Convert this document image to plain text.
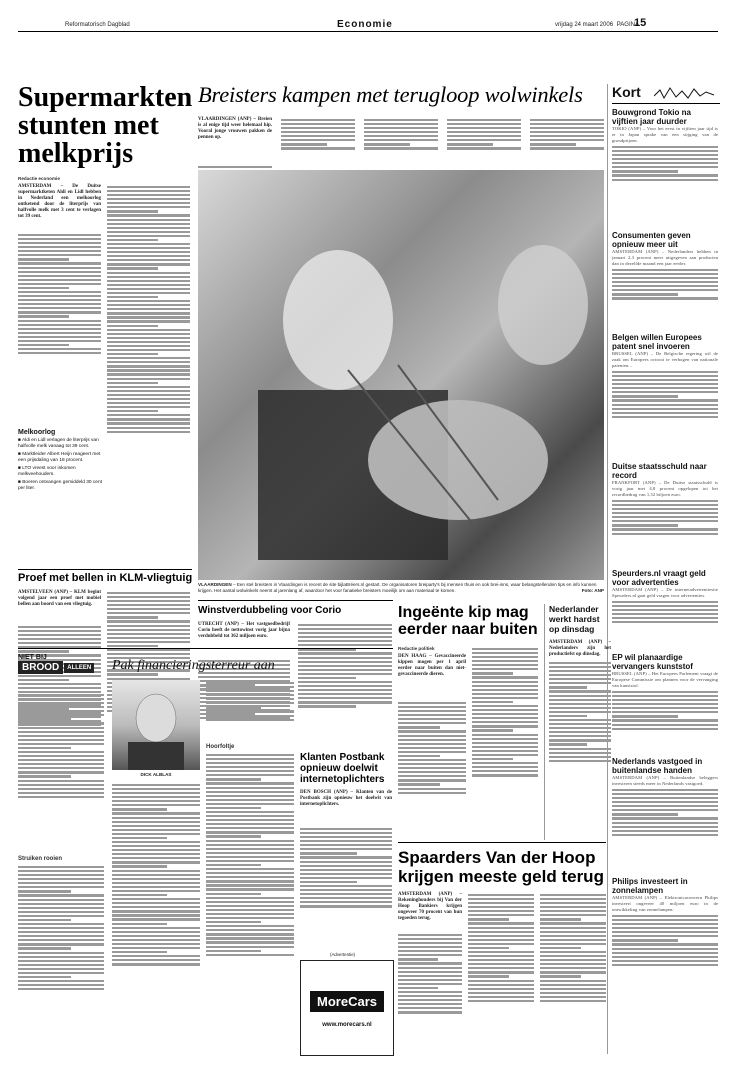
Reformatorisch Dagblad	Economie	vrijdag 24 maart 2006 PAGINA
15
Supermarkten stunten met melkprijs
Redactie economie
AMSTERDAM – De Duitse supermarktketen Aldi en Lidl hebben in Nederland een melkoorlog ontketend door de literprijs van halfvolle melk met 3 cent te verlagen tot 39 cent.
Melkoorlog
■ Aldi en Lidl verlagen de literprijs van halfvolle melk vanaag tot 39 cent.
■ Marktleider Albert Heijn reageert met een prijsdaling van 18 procent.
■ LTO vreest voor inkomen melkveehouders.
■ Boeren ontvangen gemiddeld 30 cent per liter.
Breisters kampen met terugloop wolwinkels
VLAARDINGEN (ANP) – Breien is al enige tijd weer helemaal hip. Vooral jonge vrouwen pakken de pennen op.
VLAARDINGEN – Een stel breisters in Vlaardingen is recent de site bijlaBréers.nl gestart. De organisatoren breiparty's bij mensen thuis en ook brei-inns, waar belangstellenden tips en info kunnen krijgen. Het aantal wolwinkels neemt al jarenlang af, waardoor het voor fanatieke breisters moeilijk om aan materiaal te komen.	Foto: ANP
Proef met bellen in KLM-vliegtuig
AMSTELVEEN (ANP) – KLM begint volgend jaar een proef met mobiel bellen aan boord van een vliegtuig.
Kort
Bouwgrond Tokio na vijftien jaar duurder
TOKIO (ANP) – Voor het eerst in vijftien jaar tijd is er in Japan sprake van een stijging van de grondprijzen.
Consumenten geven opnieuw meer uit
AMSTERDAM (ANP) – Nederlanders hebben in januari 2,3 procent meer uitgegeven aan producten dan in dezelfde maand een jaar eerder.
Belgen willen Europees patent snel invoeren
BRUSSEL (ANP) – De Belgische regering wil de zaak om Europees octrooi te verhogen van nationale patenten...
Duitse staatsschuld naar record
FRANKFORT (ANP) – De Duitse staatsschuld is vorig jaar met 4,8 procent opgelopen tot het recordbedrag van 1,52 biljoen euro.
Speurders.nl vraagt geld voor advertenties
AMSTERDAM (ANP) – De internetadvertentiesite Speurders.nl gaat geld vragen voor advertenties.
EP wil planaardige vervangers kunststof
BRUSSEL (ANP) – Het Europees Parlement vraagt de Europese Commissie om plannen voor de vervanging van kunststof.
Nederlands vastgoed in buitenlandse handen
AMSTERDAM (ANP) – Buitenlandse beleggers investeren steeds meer in Nederlands vastgoed.
Philips investeert in zonnelampen
AMSTERDAM (ANP) – Elektronicaconcern Philips investeert ongeveer 40 miljoen euro in de ontwikkeling van zonnelampen.
Winstverdubbeling voor Corio
UTRECHT (ANP) – Het vastgoedbedrijf Corio heeft de nettowinst vorig jaar bijna verdubbeld tot 362 miljoen euro.
Ingeënte kip mag eerder naar buiten
Redactie politiek
DEN HAAG – Gevaccineerde kippen mogen per 1 april eerder naar buiten dan niet-gevaccineerde dieren.
Nederlander werkt hardst op dinsdag
AMSTERDAM (ANP) – Nederlanders zijn het productiefst op dinsdag.
NIET BIJ
BROOD	ALLEEN Pak financieringsterreur aan
Struiken rooien
DICK ALBLAS
Hoorfoltje
Klanten Postbank opnieuw doelwit internetoplichters
DEN BOSCH (ANP) – Klanten van de Postbank zijn opnieuw het doelwit van internetoplichters.
(Advertentie)
MoreCars
www.morecars.nl
Spaarders Van der Hoop krijgen meeste geld terug
AMSTERDAM (ANP) – Rekeninghouders bij Van der Hoop Bankiers krijgen ongeveer 70 procent van hun tegoeden terug.
